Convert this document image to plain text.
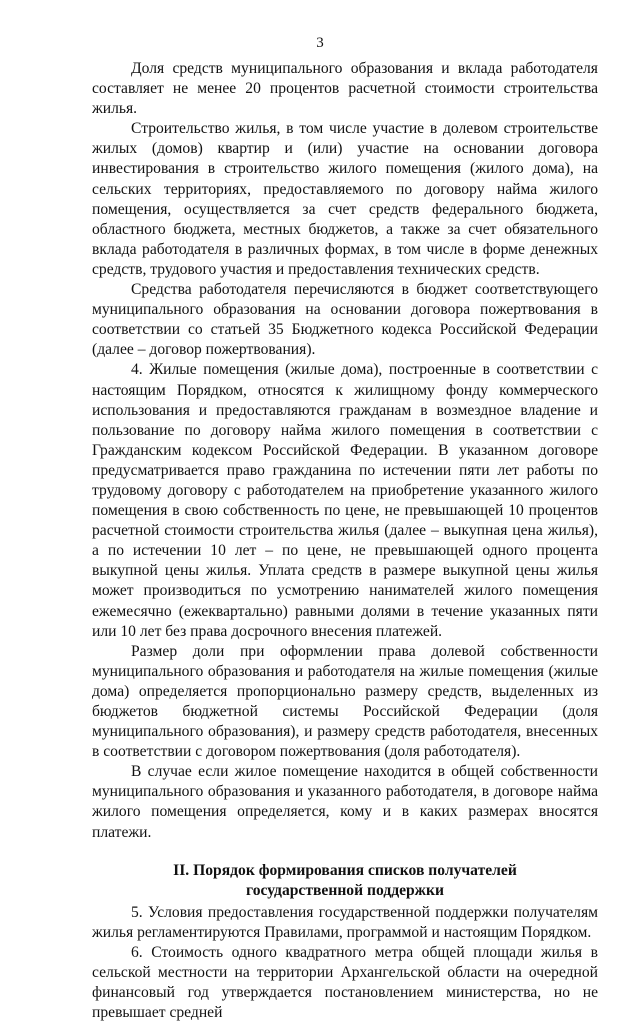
3

Доля средств муниципального образования и вклада работодателя составляет не менее 20 процентов расчетной стоимости строительства жилья.

Строительство жилья, в том числе участие в долевом строительстве жилых (домов) квартир и (или) участие на основании договора инвестирования в строительство жилого помещения (жилого дома), на сельских территориях, предоставляемого по договору найма жилого помещения, осуществляется за счет средств федерального бюджета, областного бюджета, местных бюджетов, а также за счет обязательного вклада работодателя в различных формах, в том числе в форме денежных средств, трудового участия и предоставления технических средств.

Средства работодателя перечисляются в бюджет соответствующего муниципального образования на основании договора пожертвования в соответствии со статьей 35 Бюджетного кодекса Российской Федерации (далее – договор пожертвования).

4. Жилые помещения (жилые дома), построенные в соответствии с настоящим Порядком, относятся к жилищному фонду коммерческого использования и предоставляются гражданам в возмездное владение и пользование по договору найма жилого помещения в соответствии с Гражданским кодексом Российской Федерации. В указанном договоре предусматривается право гражданина по истечении пяти лет работы по трудовому договору с работодателем на приобретение указанного жилого помещения в свою собственность по цене, не превышающей 10 процентов расчетной стоимости строительства жилья (далее – выкупная цена жилья), а по истечении 10 лет – по цене, не превышающей одного процента выкупной цены жилья. Уплата средств в размере выкупной цены жилья может производиться по усмотрению нанимателей жилого помещения ежемесячно (ежеквартально) равными долями в течение указанных пяти или 10 лет без права досрочного внесения платежей.

Размер доли при оформлении права долевой собственности муниципального образования и работодателя на жилые помещения (жилые дома) определяется пропорционально размеру средств, выделенных из бюджетов бюджетной системы Российской Федерации (доля муниципального образования), и размеру средств работодателя, внесенных в соответствии с договором пожертвования (доля работодателя).

В случае если жилое помещение находится в общей собственности муниципального образования и указанного работодателя, в договоре найма жилого помещения определяется, кому и в каких размерах вносятся платежи.

II. Порядок формирования списков получателей
государственной поддержки

5. Условия предоставления государственной поддержки получателям жилья регламентируются Правилами, программой и настоящим Порядком.

6. Стоимость одного квадратного метра общей площади жилья в сельской местности на территории Архангельской области на очередной финансовый год утверждается постановлением министерства, но не превышает средней
